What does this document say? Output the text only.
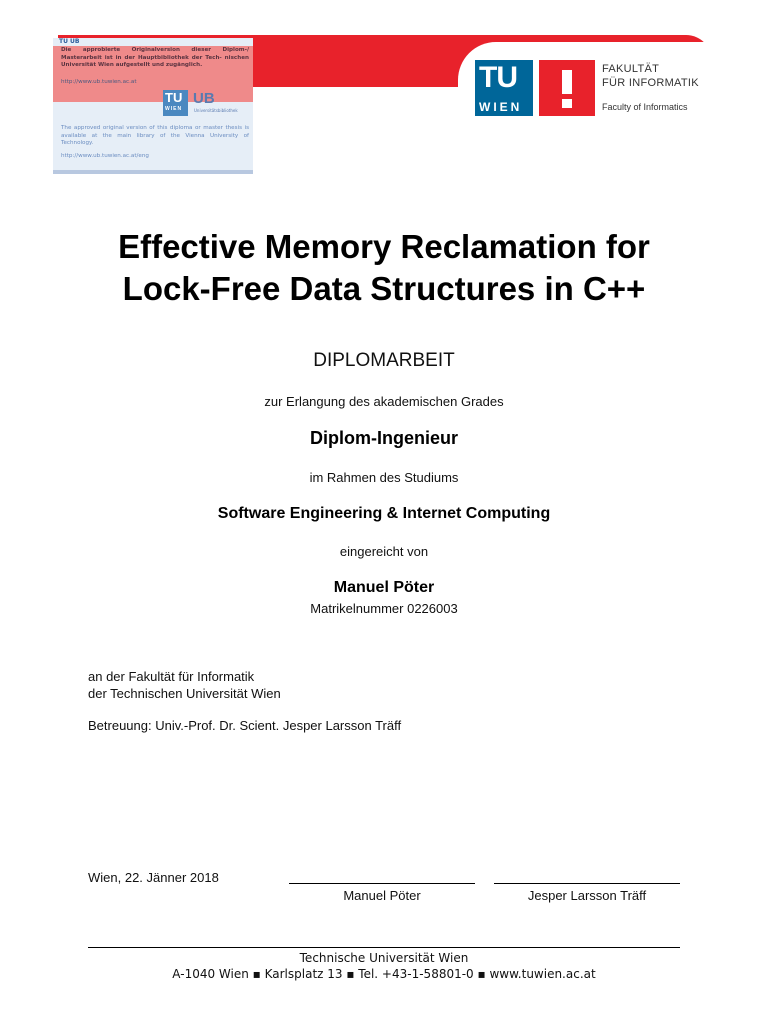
TU
WIEN
FAKULTÄT
FÜR INFORMATIK
Faculty of Informatics
TU UB
Die approbierte Originalversion dieser Diplom-/ Masterarbeit ist in der Hauptbibliothek der Tech- nischen Universität Wien aufgestellt und zugänglich.
http://www.ub.tuwien.ac.at
TU
WIEN
UB
Universitätsbibliothek
The approved original version of this diploma or master thesis is available at the main library of the Vienna University of Technology.
http://www.ub.tuwien.ac.at/eng
Effective Memory Reclamation for
Lock-Free Data Structures in C++
DIPLOMARBEIT
zur Erlangung des akademischen Grades
Diplom-Ingenieur
im Rahmen des Studiums
Software Engineering & Internet Computing
eingereicht von
Manuel Pöter
Matrikelnummer 0226003
an der Fakultät für Informatik
der Technischen Universität Wien
Betreuung: Univ.-Prof. Dr. Scient. Jesper Larsson Träff
Wien, 22. Jänner 2018
Manuel Pöter	Jesper Larsson Träff
Technische Universität Wien
A-1040 Wien ▪ Karlsplatz 13 ▪ Tel. +43-1-58801-0 ▪ www.tuwien.ac.at
